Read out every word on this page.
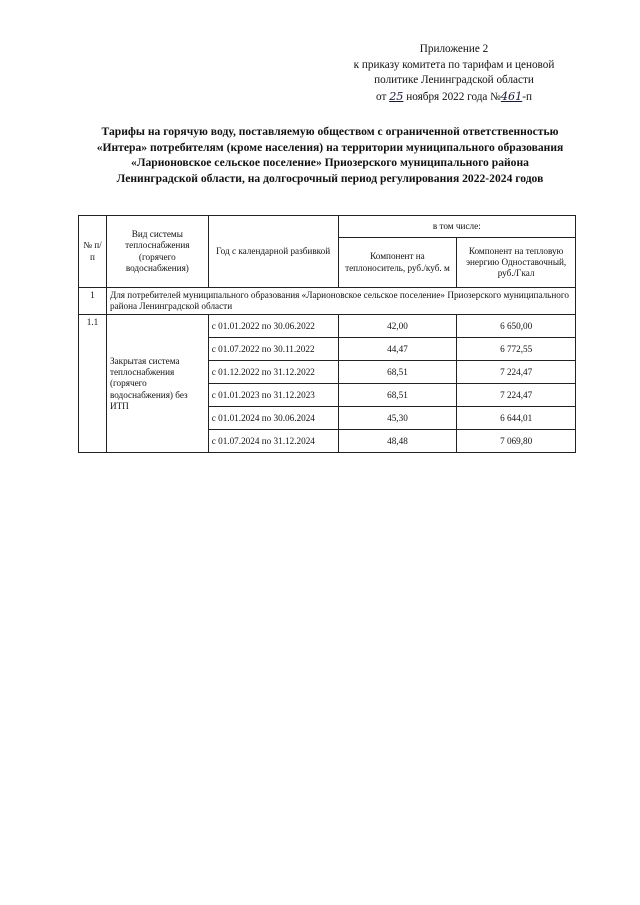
Приложение 2
к приказу комитета по тарифам и ценовой
политике Ленинградской области
от 25 ноября 2022 года №461-п
Тарифы на горячую воду, поставляемую обществом с ограниченной ответственностью
«Интера» потребителям (кроме населения) на территории муниципального образования
«Ларионовское сельское поселение» Приозерского муниципального района
Ленинградской области, на долгосрочный период регулирования 2022-2024 годов
№ п/п	Вид системы теплоснабжения (горячего водоснабжения)	Год с календарной разбивкой	в том числе:	
			Компонент на теплоноситель, руб./куб. м	Компонент на тепловую энергию Одноставочный, руб./Гкал
1	Для потребителей муниципального образования «Ларионовское сельское поселение» Приозерского муниципального района Ленинградской области			
1.1	Закрытая система теплоснабжения (горячего водоснабжения) без ИТП	с 01.01.2022 по 30.06.2022	42,00	6 650,00
		с 01.07.2022 по 30.11.2022	44,47	6 772,55
		с 01.12.2022 по 31.12.2022	68,51	7 224,47
		с 01.01.2023 по 31.12.2023	68,51	7 224,47
		с 01.01.2024 по 30.06.2024	45,30	6 644,01
		с 01.07.2024 по 31.12.2024	48,48	7 069,80
